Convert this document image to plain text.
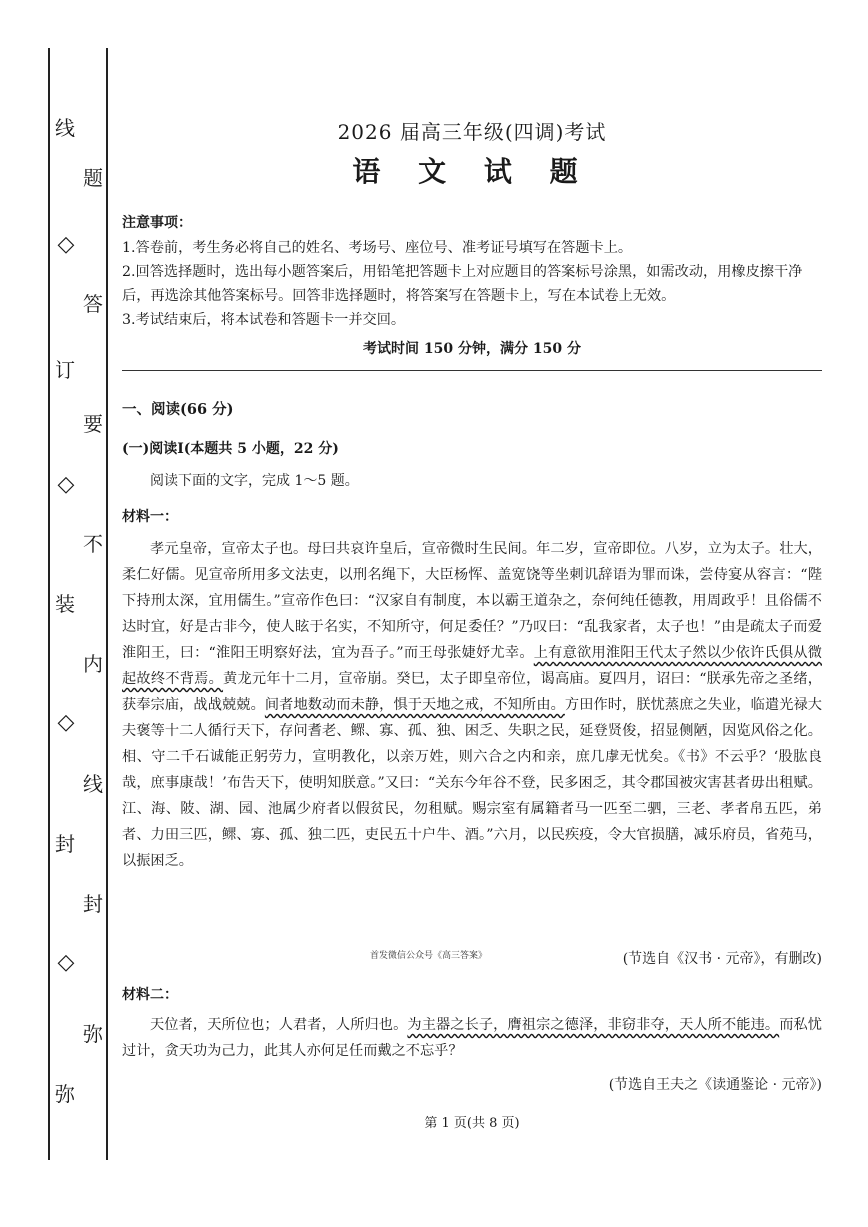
线
题
◇
答
订
要
◇
不
装
内
◇
线
封
封
◇
弥
弥
2026 届高三年级(四调)考试
语 文 试 题
注意事项：
1.答卷前，考生务必将自己的姓名、考场号、座位号、准考证号填写在答题卡上。
2.回答选择题时，选出每小题答案后，用铅笔把答题卡上对应题目的答案标号涂黑，如需改动，用橡皮擦干净后，再选涂其他答案标号。回答非选择题时，将答案写在答题卡上，写在本试卷上无效。
3.考试结束后，将本试卷和答题卡一并交回。
考试时间 150 分钟，满分 150 分
一、阅读(66 分)
(一)阅读Ⅰ(本题共 5 小题，22 分)
阅读下面的文字，完成 1～5 题。
材料一：
孝元皇帝，宣帝太子也。母曰共哀许皇后，宣帝微时生民间。年二岁，宣帝即位。八岁，立为太子。壮大，柔仁好儒。见宣帝所用多文法吏，以刑名绳下，大臣杨恽、盖宽饶等坐刺讥辞语为罪而诛，尝侍宴从容言：“陛下持刑太深，宜用儒生。”宣帝作色曰：“汉家自有制度，本以霸王道杂之，奈何纯任德教，用周政乎！且俗儒不达时宜，好是古非今，使人眩于名实，不知所守，何足委任？”乃叹曰：“乱我家者，太子也！”由是疏太子而爱淮阳王，曰：“淮阳王明察好法，宜为吾子。”而王母张婕妤尤幸。上有意欲用淮阳王代太子然以少依许氏俱从微起故终不背焉。黄龙元年十二月，宣帝崩。癸巳，太子即皇帝位，谒高庙。夏四月，诏曰：“朕承先帝之圣绪，获奉宗庙，战战兢兢。间者地数动而未静，惧于天地之戒，不知所由。方田作时，朕忧蒸庶之失业，临遣光禄大夫褒等十二人循行天下，存问耆老、鳏、寡、孤、独、困乏、失职之民，延登贤俊，招显侧陋，因览风俗之化。相、守二千石诚能正躬劳力，宣明教化，以亲万姓，则六合之内和亲，庶几虖无忧矣。《书》不云乎？‘股肱良哉，庶事康哉！’布告天下，使明知朕意。”又曰：“关东今年谷不登，民多困乏，其令郡国被灾害甚者毋出租赋。江、海、陂、湖、园、池属少府者以假贫民，勿租赋。赐宗室有属籍者马一匹至二驷，三老、孝者帛五匹，弟者、力田三匹，鳏、寡、孤、独二匹，吏民五十户牛、酒。”六月，以民疾疫，令大官损膳，减乐府员，省苑马，以振困乏。
首发微信公众号《高三答案》	(节选自《汉书 · 元帝》，有删改)
材料二：
天位者，天所位也；人君者，人所归也。为主器之长子，膺祖宗之德泽，非窃非夺，天人所不能违。而私忧过计，贪天功为己力，此其人亦何足任而戴之不忘乎？
(节选自王夫之《读通鉴论 · 元帝》)
第 1 页(共 8 页)
